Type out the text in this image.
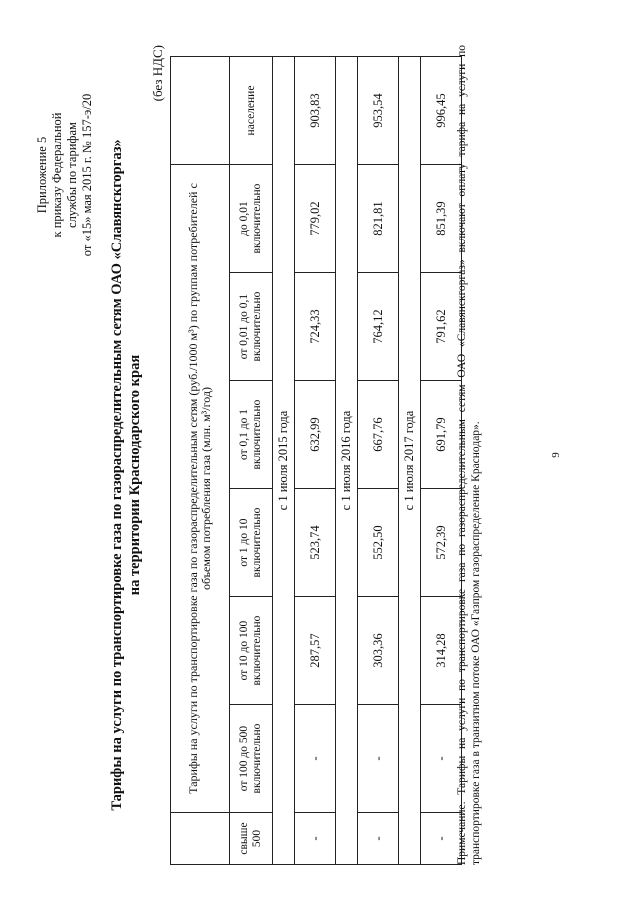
Приложение 5 к приказу Федеральной службы по тарифам от «15» мая 2015 г. № 157-э/20 Тарифы на услуги по транспортировке газа по газораспределительным сетям ОАО «Славянскгоргаз» на территории Краснодарского края
(без НДС)
	Тарифы на услуги по транспортировке газа по газораспределительным сетям (руб./1000 м³) по группам потребителей с объемом потребления газа (млн. м³/год)						
свыше 500	от 100 до 500 включительно	от 10 до 100 включительно	от 1 до 10 включительно	от 0,1 до 1 включительно	от 0,01 до 0,1 включительно	до 0,01 включительно	население
с 1 июля 2015 года							
-	-	287,57	523,74	632,99	724,33	779,02	903,83
с 1 июля 2016 года							
-	-	303,36	552,50	667,76	764,12	821,81	953,54
с 1 июля 2017 года							
-	-	314,28	572,39	691,79	791,62	851,39	996,45 Примечание. Тарифы на услуги по транспортировке газа по газораспределительным сетям ОАО «Славянскгоргаз» включают оплату тарифа на услуги по транспортировке газа в транзитном потоке ОАО «Газпром газораспределение Краснодар».	9
